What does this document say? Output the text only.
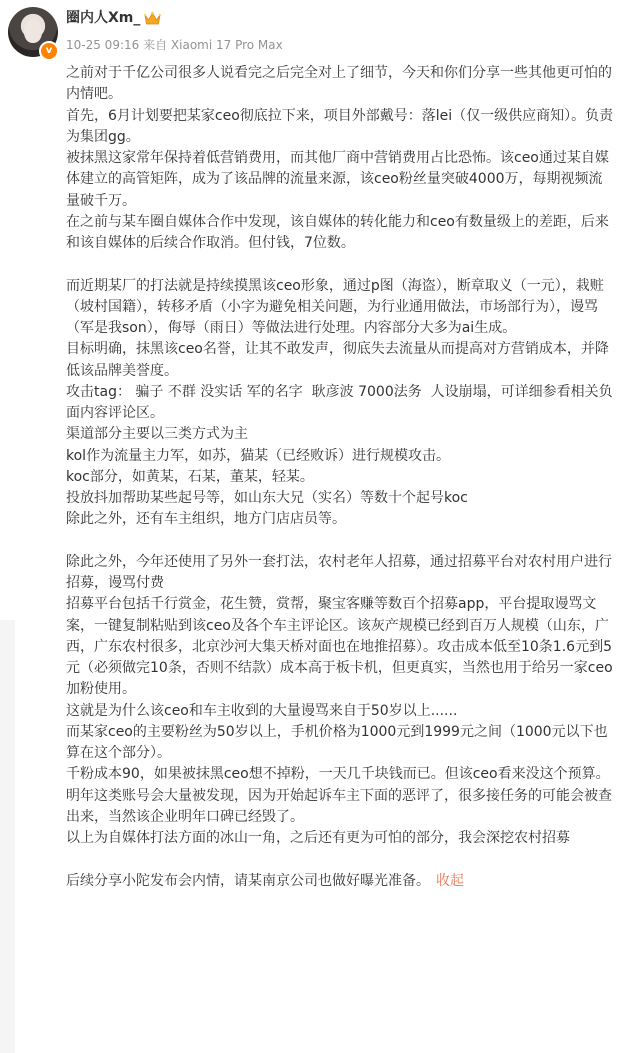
v
圈内人Xm_
10-25 09:16 来自 Xiaomi 17 Pro Max

之前对于千亿公司很多人说看完之后完全对上了细节，今天和你们分享一些其他更可怕的内情吧。

首先，6月计划要把某家ceo彻底拉下来，项目外部戴号：落lei（仅一级供应商知）。负责为集团gg。

被抹黑这家常年保持着低营销费用，而其他厂商中营销费用占比恐怖。该ceo通过某自媒体建立的高管矩阵，成为了该品牌的流量来源，该ceo粉丝量突破4000万，每期视频流量破千万。

在之前与某车圈自媒体合作中发现，该自媒体的转化能力和ceo有数量级上的差距，后来和该自媒体的后续合作取消。但付钱，7位数。

而近期某厂的打法就是持续摸黑该ceo形象，通过p图（海盗），断章取义（一元），栽赃（坡村国籍），转移矛盾（小字为避免相关问题，为行业通用做法，市场部行为），谩骂（军是我son），侮辱（雨日）等做法进行处理。内容部分大多为ai生成。

目标明确，抹黑该ceo名誉，让其不敢发声，彻底失去流量从而提高对方营销成本，并降低该品牌美誉度。

攻击tag： 骗子 不群 没实话 军的名字  耿彦波 7000法务  人设崩塌，可详细参看相关负面内容评论区。

渠道部分主要以三类方式为主

kol作为流量主力军，如苏，猫某（已经败诉）进行规模攻击。

koc部分，如黄某，石某，董某，轻某。

投放抖加帮助某些起号等，如山东大兄（实名）等数十个起号koc

除此之外，还有车主组织，地方门店店员等。

除此之外，今年还使用了另外一套打法，农村老年人招募，通过招募平台对农村用户进行招募，谩骂付费

招募平台包括千行赏金，花生赞，赏帮，聚宝客赚等数百个招募app，平台提取谩骂文案，一键复制粘贴到该ceo及各个车主评论区。该灰产规模已经到百万人规模（山东，广西，广东农村很多，北京沙河大集天桥对面也在地推招募）。攻击成本低至10条1.6元到5元（必须做完10条，否则不结款）成本高于板卡机，但更真实，当然也用于给另一家ceo加粉使用。

这就是为什么该ceo和车主收到的大量谩骂来自于50岁以上......

而某家ceo的主要粉丝为50岁以上，手机价格为1000元到1999元之间（1000元以下也算在这个部分）。

千粉成本90，如果被抹黑ceo想不掉粉，一天几千块钱而已。但该ceo看来没这个预算。

明年这类账号会大量被发现，因为开始起诉车主下面的恶评了，很多接任务的可能会被查出来，当然该企业明年口碑已经毁了。

以上为自媒体打法方面的冰山一角，之后还有更为可怕的部分，我会深挖农村招募

后续分享小陀发布会内情，请某南京公司也做好曝光准备。 收起
